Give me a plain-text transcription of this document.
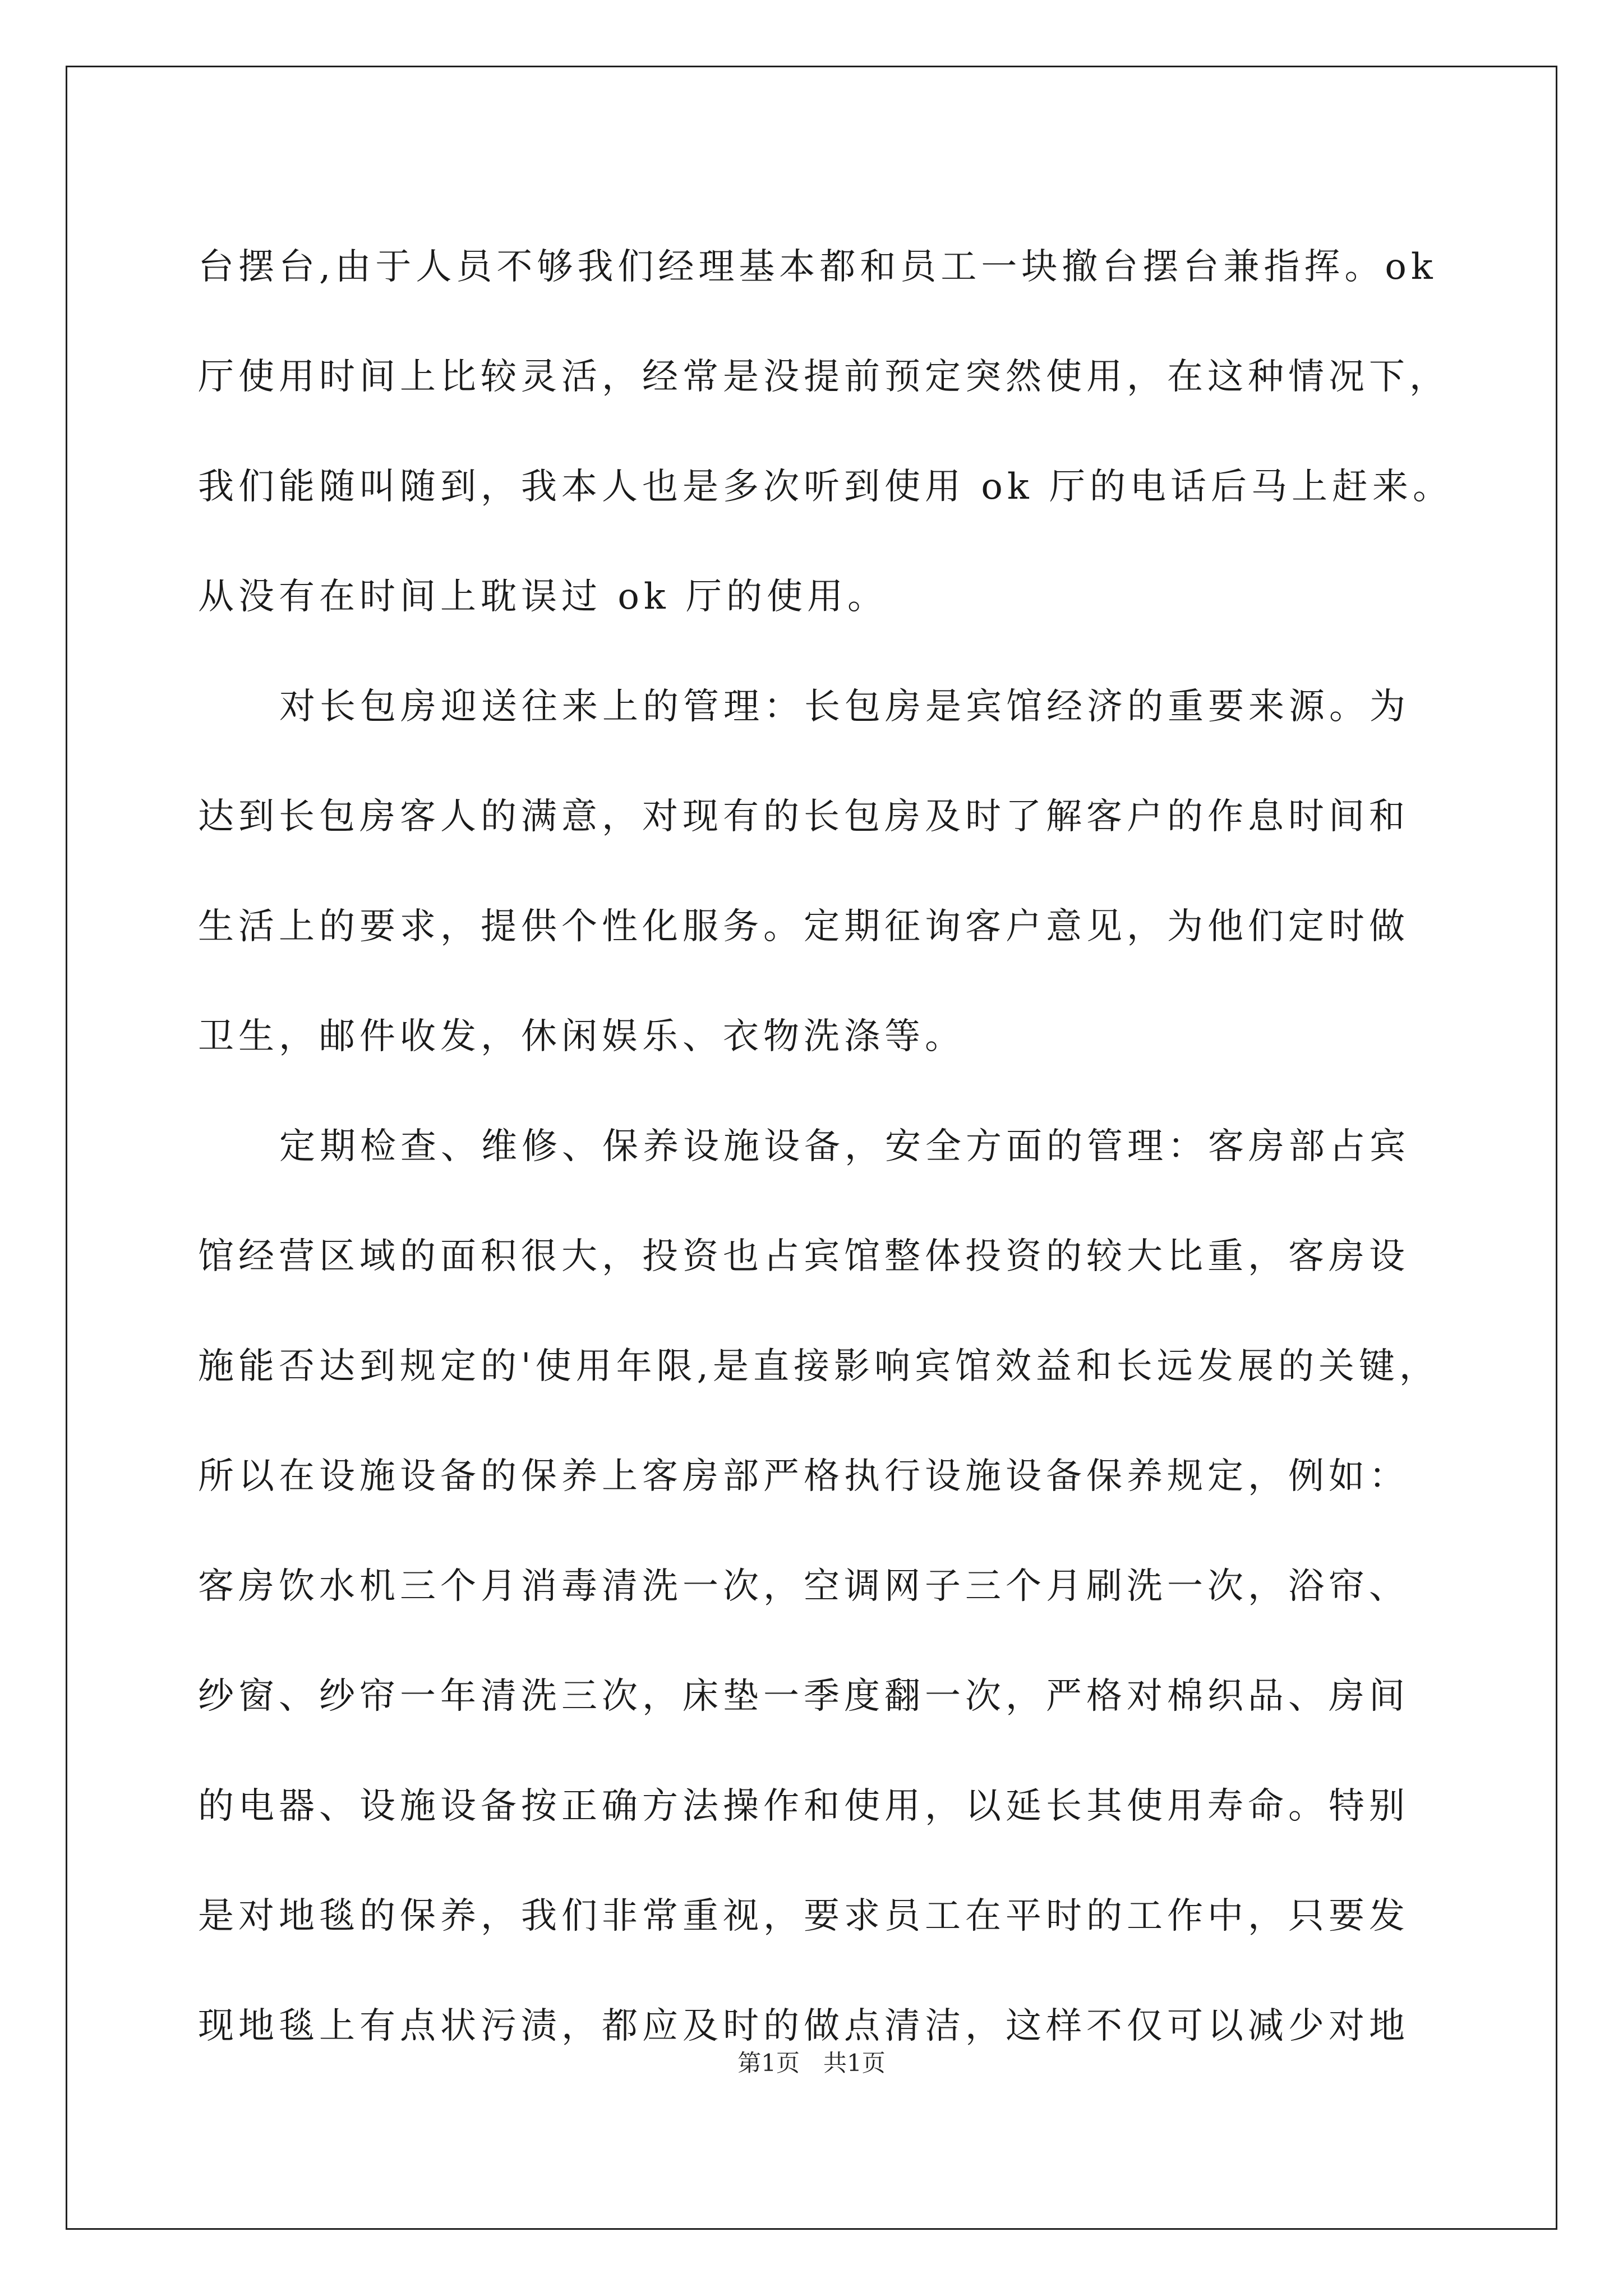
台摆台,由于人员不够我们经理基本都和员工一块撤台摆台兼指挥。ok
厅使用时间上比较灵活，经常是没提前预定突然使用，在这种情况下，
我们能随叫随到，我本人也是多次听到使用 ok 厅的电话后马上赶来。
从没有在时间上耽误过 ok 厅的使用。
对长包房迎送往来上的管理：长包房是宾馆经济的重要来源。为
达到长包房客人的满意，对现有的长包房及时了解客户的作息时间和
生活上的要求，提供个性化服务。定期征询客户意见，为他们定时做
卫生，邮件收发，休闲娱乐、衣物洗涤等。
定期检查、维修、保养设施设备，安全方面的管理：客房部占宾
馆经营区域的面积很大，投资也占宾馆整体投资的较大比重，客房设
施能否达到规定的'使用年限,是直接影响宾馆效益和长远发展的关键，
所以在设施设备的保养上客房部严格执行设施设备保养规定，例如：
客房饮水机三个月消毒清洗一次，空调网子三个月刷洗一次，浴帘、
纱窗、纱帘一年清洗三次，床垫一季度翻一次，严格对棉织品、房间
的电器、设施设备按正确方法操作和使用，以延长其使用寿命。特别
是对地毯的保养，我们非常重视，要求员工在平时的工作中，只要发
现地毯上有点状污渍，都应及时的做点清洁，这样不仅可以减少对地
第1页 共1页
